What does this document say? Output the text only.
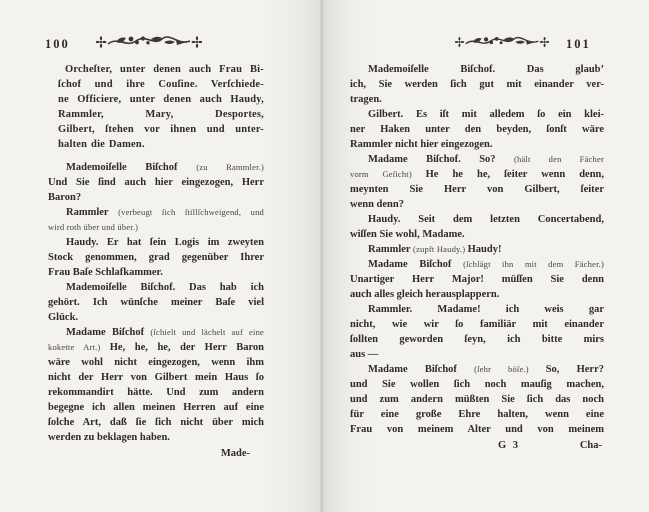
100
Orcheſter, unter denen auch Frau Bi-
ſchof und ihre Couſine. Verſchiede-
ne Officiere, unter denen auch Haudy,
Rammler, Mary, Desportes,
Gilbert, ſtehen vor ihnen und unter-
halten die Damen.
Mademoiſelle Biſchof (zu Rammler.)
Und Sie ſind auch hier eingezogen, Herr
Baron?
Rammler (verbeugt ſich ſtillſchweigend, und
wird roth über und über.)
Haudy. Er hat ſein Logis im zweyten
Stock genommen, grad gegenüber Ihrer
Frau Baſe Schlafkammer.
Mademoiſelle Biſchof. Das hab ich
gehört. Ich wünſche meiner Baſe viel
Glück.
Madame Biſchof (ſchielt und lächelt auf eine
kokette Art.) He, he, he, der Herr Baron
wäre wohl nicht eingezogen, wenn ihm
nicht der Herr von Gilbert mein Haus ſo
rekommandirt hätte. Und zum andern
begegne ich allen meinen Herren auf eine
ſolche Art, daß ſie ſich nicht über mich
werden zu beklagen haben.
Made-
101
Mademoiſelle Biſchof. Das glaub’
ich, Sie werden ſich gut mit einander ver-
tragen.
Gilbert. Es iſt mit alledem ſo ein klei-
ner Haken unter den beyden, ſonſt wäre
Rammler nicht hier eingezogen.
Madame Biſchof. So? (hält den Fächer
vorm Geſicht) He he he, ſeiter wenn denn,
meynten Sie Herr von Gilbert, ſeiter
wenn denn?
Haudy. Seit dem letzten Concertabend,
wiſſen Sie wohl, Madame.
Rammler (zupft Haudy.) Haudy!
Madame Biſchof (ſchlägt ihn mit dem Fächer.)
Unartiger Herr Major! müſſen Sie denn
auch alles gleich herausplappern.
Rammler. Madame! ich weis gar
nicht, wie wir ſo familiär mit einander
ſollten geworden ſeyn, ich bitte mirs
aus —
Madame Biſchof (ſehr böſe.) So, Herr?
und Sie wollen ſich noch mauſig machen,
und zum andern müßten Sie ſich das noch
für eine große Ehre halten, wenn eine
Frau von meinem Alter und von meinem
G 3	Cha-
